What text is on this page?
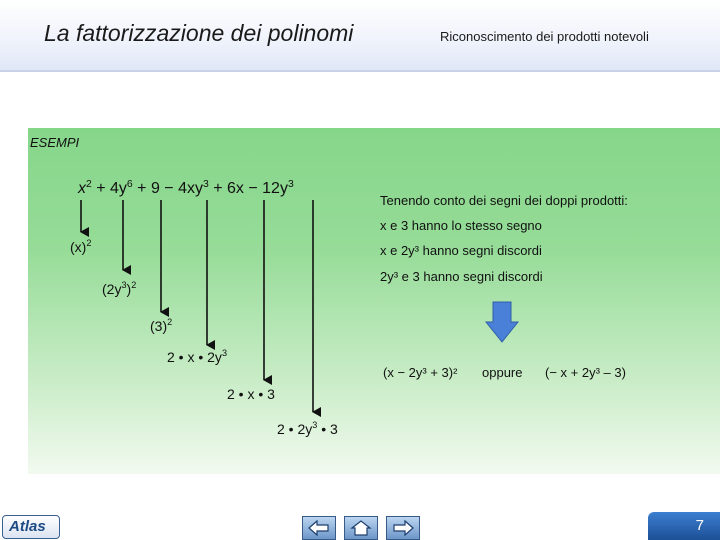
La fattorizzazione dei polinomi	Riconoscimento dei prodotti notevoli
ESEMPI
$x^2 + 4y^6 + 9 - 4xy^3 + 6x - 12y^3$
$(x)^2$
$(2y^3)^2$
$(3)^2$
2 • x • $2y^3$
2 • x • 3
2 • $2y^3$ • 3
Tenendo conto dei segni dei doppi prodotti:
x e 3 hanno lo stesso segno
x e 2y³ hanno segni discordi
2y³ e 3 hanno segni discordi
(x − 2y³ + 3)² oppure (− x + 2y³ – 3)
Atlas	7
